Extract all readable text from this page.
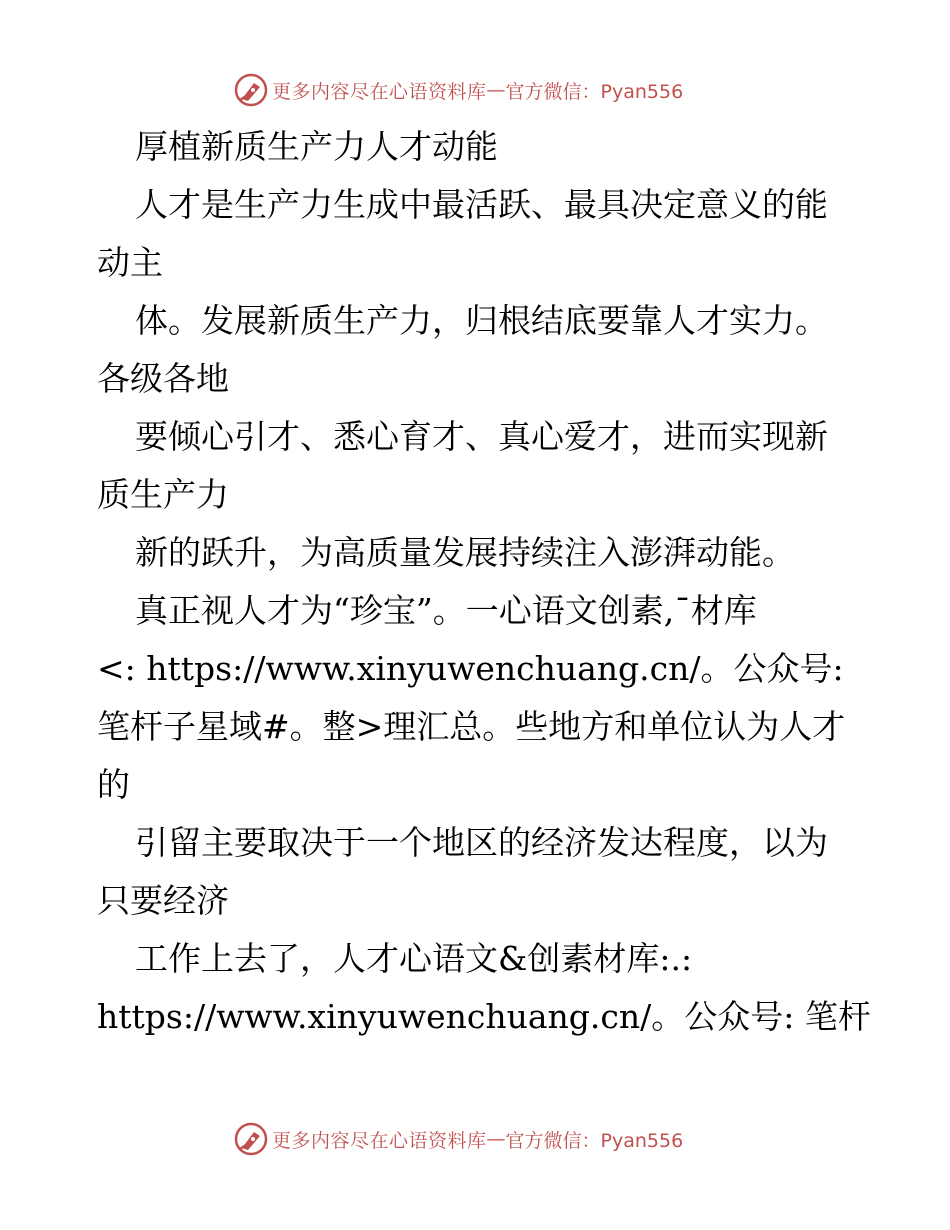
更多内容尽在心语资料库 — 官方微信：Pyan556
厚植新质生产力人才动能
人才是生产力生成中最活跃、最具决定意义的能
动主
体。发展新质生产力，归根结底要靠人才实力。
各级各地
要倾心引才、悉心育才、真心爱才，进而实现新
质生产力
新的跃升，为高质量发展持续注入澎湃动能。
真正视人才为“珍宝”。一心语文创素,¯材库
<: https://www.xinyuwenchuang.cn/。公众号:
笔杆子星域#。整>理汇总。些地方和单位认为人才
的
引留主要取决于一个地区的经济发达程度，以为
只要经济
工作上去了，人才心语文&创素材库:.:
https://www.xinyuwenchuang.cn/。公众号: 笔杆
更多内容尽在心语资料库 — 官方微信：Pyan556
